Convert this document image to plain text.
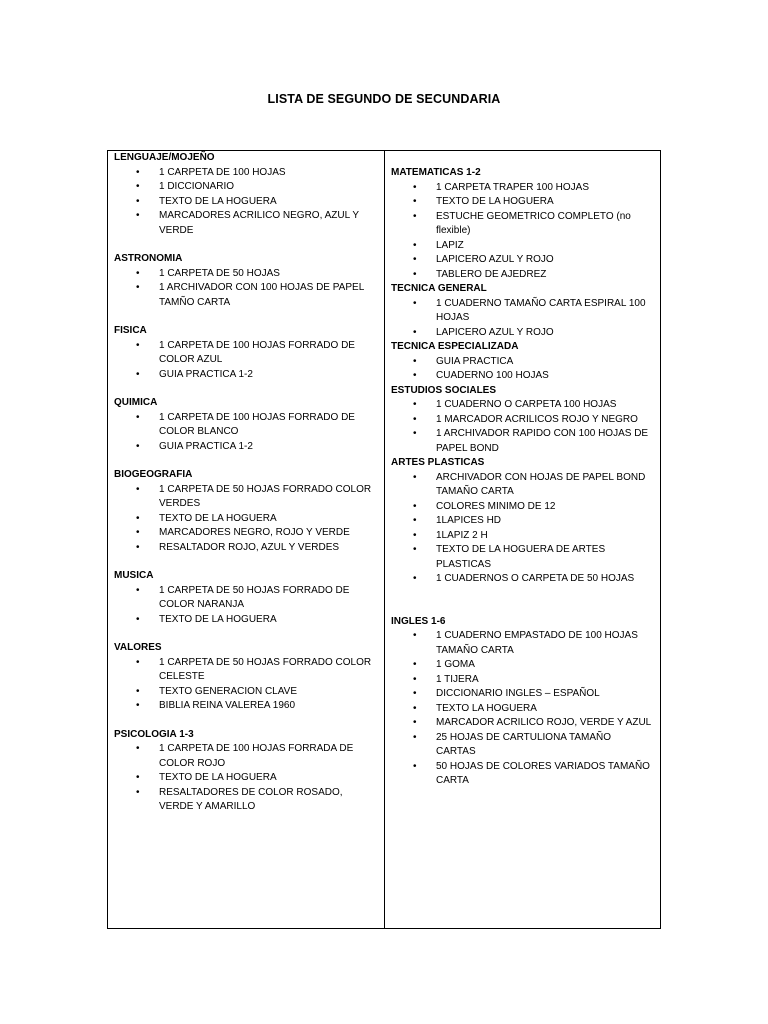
LISTA DE SEGUNDO DE SECUNDARIA
LENGUAJE/MOJEÑO
• 1 CARPETA DE 100 HOJAS
• 1 DICCIONARIO
• TEXTO DE LA HOGUERA
• MARCADORES ACRILICO NEGRO, AZUL Y VERDE
ASTRONOMIA
• 1 CARPETA DE 50 HOJAS
• 1 ARCHIVADOR CON 100 HOJAS DE PAPEL TAMÑO CARTA
FISICA
• 1 CARPETA DE 100 HOJAS FORRADO DE COLOR AZUL
• GUIA PRACTICA 1-2
QUIMICA
• 1 CARPETA DE 100 HOJAS FORRADO DE COLOR BLANCO
• GUIA PRACTICA 1-2
BIOGEOGRAFIA
• 1 CARPETA DE 50 HOJAS FORRADO COLOR VERDES
• TEXTO DE LA HOGUERA
• MARCADORES NEGRO, ROJO Y VERDE
• RESALTADOR ROJO, AZUL Y VERDES
MUSICA
• 1 CARPETA DE 50 HOJAS FORRADO DE COLOR NARANJA
• TEXTO DE LA HOGUERA
VALORES
• 1 CARPETA DE 50 HOJAS FORRADO COLOR CELESTE
• TEXTO GENERACION CLAVE
• BIBLIA REINA VALEREA 1960
PSICOLOGIA 1-3
• 1 CARPETA DE 100 HOJAS FORRADA DE COLOR ROJO
• TEXTO DE LA HOGUERA
• RESALTADORES DE COLOR ROSADO, VERDE Y AMARILLO
MATEMATICAS 1-2
• 1 CARPETA TRAPER 100 HOJAS
• TEXTO DE LA HOGUERA
• ESTUCHE GEOMETRICO COMPLETO (no flexible)
• LAPIZ
• LAPICERO AZUL Y ROJO
• TABLERO DE AJEDREZ
TECNICA GENERAL
• 1 CUADERNO TAMAÑO CARTA ESPIRAL 100 HOJAS
• LAPICERO AZUL Y ROJO
TECNICA ESPECIALIZADA
• GUIA PRACTICA
• CUADERNO 100 HOJAS
ESTUDIOS SOCIALES
• 1 CUADERNO O CARPETA 100 HOJAS
• 1 MARCADOR ACRILICOS ROJO Y NEGRO
• 1 ARCHIVADOR RAPIDO CON 100 HOJAS DE PAPEL BOND
ARTES PLASTICAS
• ARCHIVADOR CON HOJAS DE PAPEL BOND TAMAÑO CARTA
• COLORES MINIMO DE 12
• 1LAPICES HD
• 1LAPIZ 2 H
• TEXTO DE LA HOGUERA DE ARTES PLASTICAS
• 1 CUADERNOS O CARPETA DE 50 HOJAS
INGLES 1-6
• 1 CUADERNO EMPASTADO DE 100 HOJAS TAMAÑO CARTA
• 1 GOMA
• 1 TIJERA
• DICCIONARIO INGLES – ESPAÑOL
• TEXTO LA HOGUERA
• MARCADOR ACRILICO ROJO, VERDE Y AZUL
• 25 HOJAS DE CARTULIONA TAMAÑO CARTAS
• 50 HOJAS DE COLORES VARIADOS TAMAÑO CARTA
